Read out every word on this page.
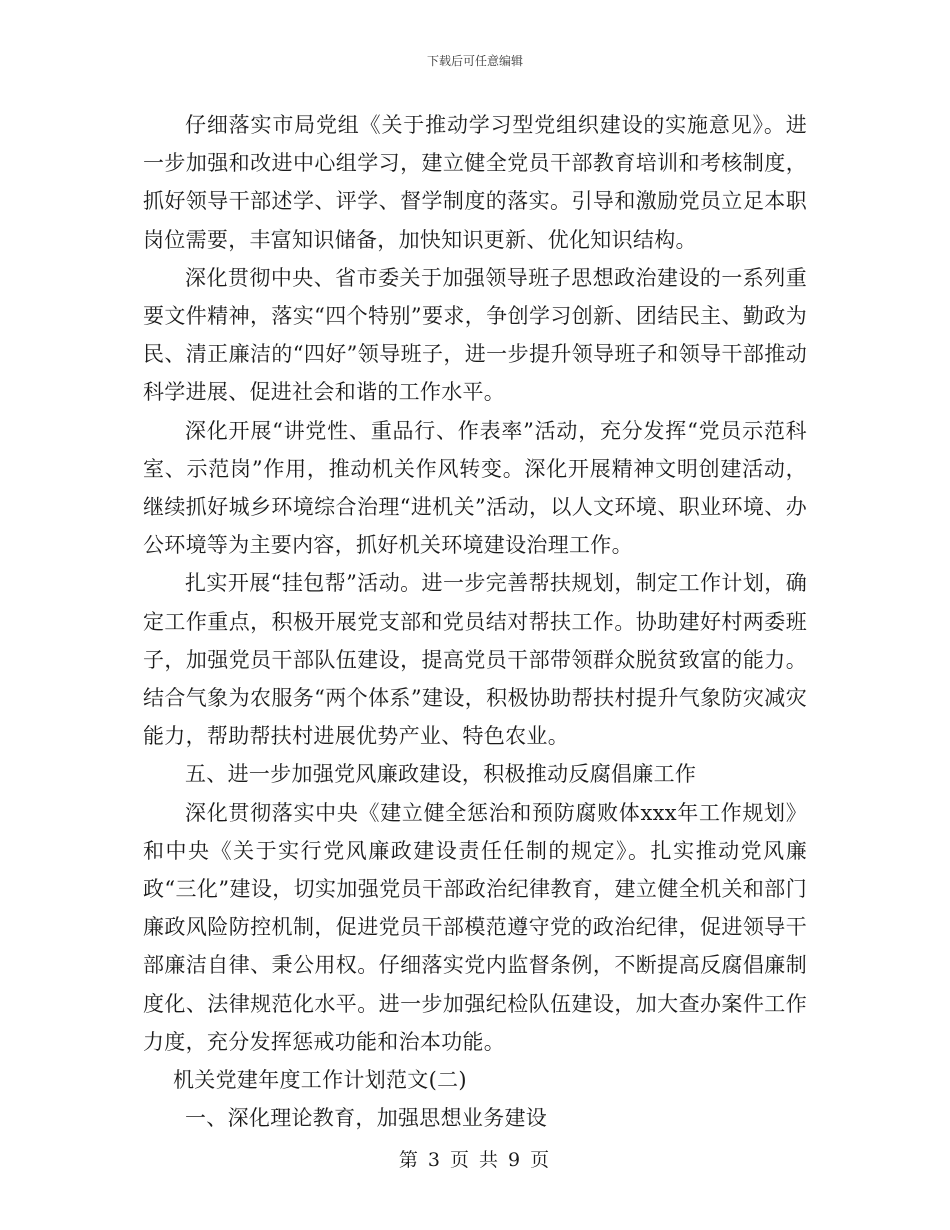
下载后可任意编辑

仔细落实市局党组《关于推动学习型党组织建设的实施意见》。进一步加强和改进中心组学习，建立健全党员干部教育培训和考核制度，抓好领导干部述学、评学、督学制度的落实。引导和激励党员立足本职岗位需要，丰富知识储备，加快知识更新、优化知识结构。

深化贯彻中央、省市委关于加强领导班子思想政治建设的一系列重要文件精神，落实“四个特别”要求，争创学习创新、团结民主、勤政为民、清正廉洁的“四好”领导班子，进一步提升领导班子和领导干部推动科学进展、促进社会和谐的工作水平。

深化开展“讲党性、重品行、作表率”活动，充分发挥“党员示范科室、示范岗”作用，推动机关作风转变。深化开展精神文明创建活动，继续抓好城乡环境综合治理“进机关”活动，以人文环境、职业环境、办公环境等为主要内容，抓好机关环境建设治理工作。

扎实开展“挂包帮”活动。进一步完善帮扶规划，制定工作计划，确定工作重点，积极开展党支部和党员结对帮扶工作。协助建好村两委班子，加强党员干部队伍建设，提高党员干部带领群众脱贫致富的能力。结合气象为农服务“两个体系”建设，积极协助帮扶村提升气象防灾减灾能力，帮助帮扶村进展优势产业、特色农业。

五、进一步加强党风廉政建设，积极推动反腐倡廉工作

深化贯彻落实中央《建立健全惩治和预防腐败体xxx年工作规划》和中央《关于实行党风廉政建设责任任制的规定》。扎实推动党风廉政“三化”建设，切实加强党员干部政治纪律教育，建立健全机关和部门廉政风险防控机制，促进党员干部模范遵守党的政治纪律，促进领导干部廉洁自律、秉公用权。仔细落实党内监督条例，不断提高反腐倡廉制度化、法律规范化水平。进一步加强纪检队伍建设，加大查办案件工作力度，充分发挥惩戒功能和治本功能。

机关党建年度工作计划范文(二)

一、深化理论教育，加强思想业务建设

第 3 页 共 9 页
